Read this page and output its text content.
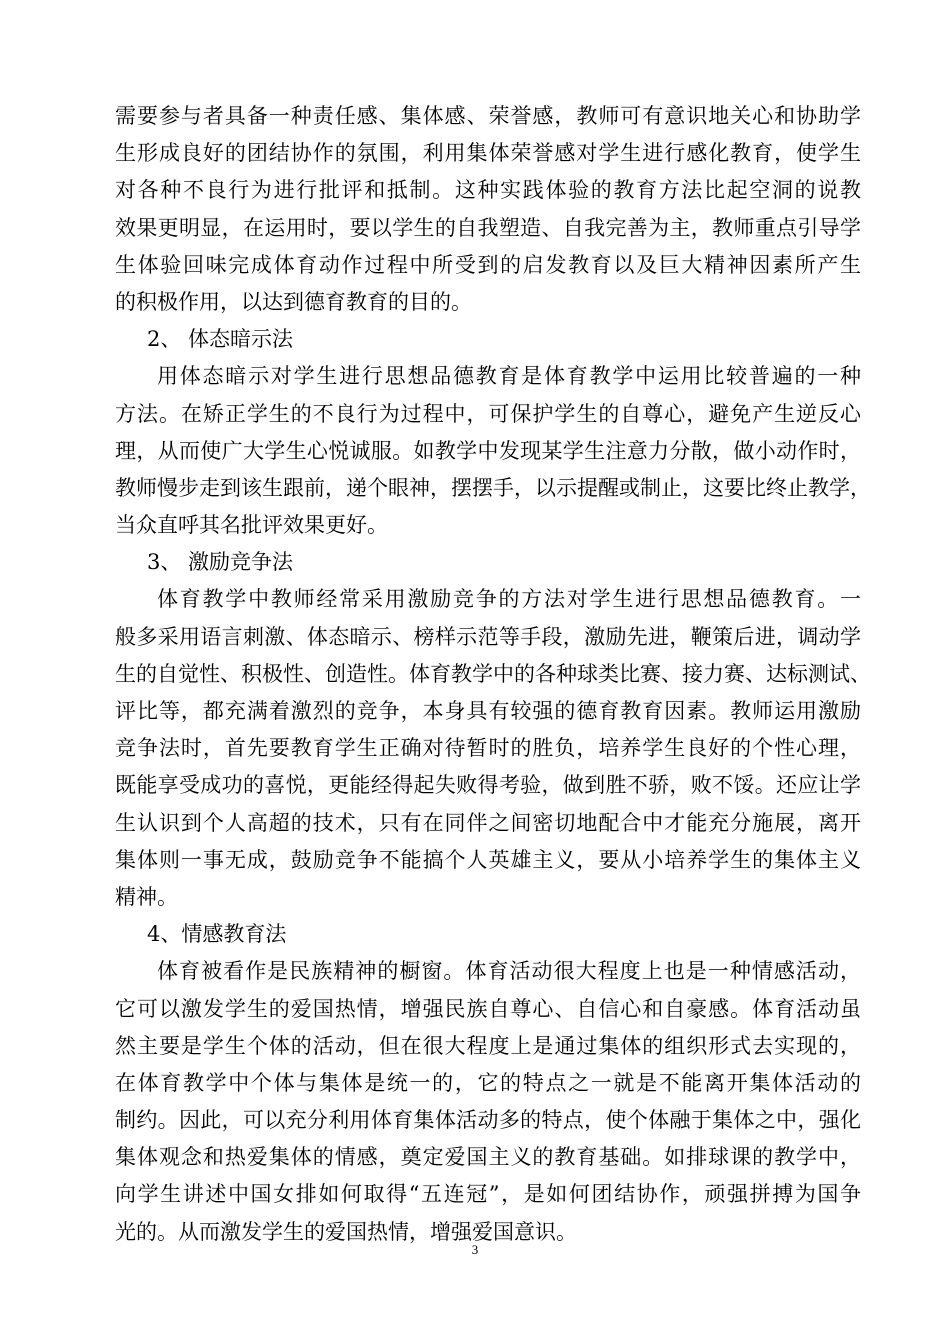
需要参与者具备一种责任感、集体感、荣誉感，教师可有意识地关心和协助学
生形成良好的团结协作的氛围，利用集体荣誉感对学生进行感化教育，使学生
对各种不良行为进行批评和抵制。这种实践体验的教育方法比起空洞的说教
效果更明显，在运用时，要以学生的自我塑造、自我完善为主，教师重点引导学
生体验回味完成体育动作过程中所受到的启发教育以及巨大精神因素所产生
的积极作用，以达到德育教育的目的。
2、 体态暗示法
用体态暗示对学生进行思想品德教育是体育教学中运用比较普遍的一种
方法。在矫正学生的不良行为过程中，可保护学生的自尊心，避免产生逆反心
理，从而使广大学生心悦诚服。如教学中发现某学生注意力分散，做小动作时，
教师慢步走到该生跟前，递个眼神，摆摆手，以示提醒或制止，这要比终止教学，
当众直呼其名批评效果更好。
3、 激励竞争法
体育教学中教师经常采用激励竞争的方法对学生进行思想品德教育。一
般多采用语言刺激、体态暗示、榜样示范等手段，激励先进，鞭策后进，调动学
生的自觉性、积极性、创造性。体育教学中的各种球类比赛、接力赛、达标测试、
评比等，都充满着激烈的竞争，本身具有较强的德育教育因素。教师运用激励
竞争法时，首先要教育学生正确对待暂时的胜负，培养学生良好的个性心理，
既能享受成功的喜悦，更能经得起失败得考验，做到胜不骄，败不馁。还应让学
生认识到个人高超的技术，只有在同伴之间密切地配合中才能充分施展，离开
集体则一事无成，鼓励竞争不能搞个人英雄主义，要从小培养学生的集体主义
精神。
4、情感教育法
体育被看作是民族精神的橱窗。体育活动很大程度上也是一种情感活动，
它可以激发学生的爱国热情，增强民族自尊心、自信心和自豪感。体育活动虽
然主要是学生个体的活动，但在很大程度上是通过集体的组织形式去实现的，
在体育教学中个体与集体是统一的，它的特点之一就是不能离开集体活动的
制约。因此，可以充分利用体育集体活动多的特点，使个体融于集体之中，强化
集体观念和热爱集体的情感，奠定爱国主义的教育基础。如排球课的教学中，
向学生讲述中国女排如何取得“五连冠”，是如何团结协作，顽强拼搏为国争
光的。从而激发学生的爱国热情，增强爱国意识。
3
